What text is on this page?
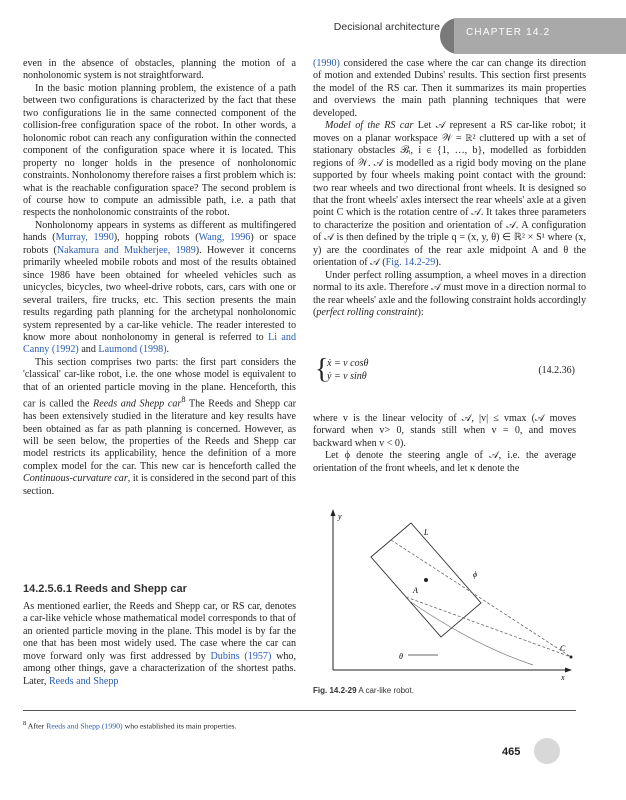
Decisional architecture	CHAPTER 14.2

even in the absence of obstacles, planning the motion of a nonholonomic system is not straightforward.

In the basic motion planning problem, the existence of a path between two configurations is characterized by the fact that these two configurations lie in the same connected component of the collision-free configuration space of the robot. In other words, a holonomic robot can reach any configuration within the connected component of the configuration space where it is located. This property no longer holds in the presence of nonholonomic constraints. Nonholonomy therefore raises a first problem which is: what is the reachable configuration space? The second problem is of course how to compute an admissible path, i.e. a path that respects the nonholonomic constraints of the robot.

Nonholonomy appears in systems as different as multifingered hands (Murray, 1990), hopping robots (Wang, 1996) or space robots (Nakamura and Mukherjee, 1989). However it concerns primarily wheeled mobile robots and most of the results obtained since 1986 have been obtained for wheeled vehicles such as unicycles, bicycles, two wheel-drive robots, cars, cars with one or several trailers, fire trucks, etc. This section presents the main results regarding path planning for the archetypal nonholonomic system represented by a car-like vehicle. The reader interested to know more about nonholonomy in general is referred to Li and Canny (1992) and Laumond (1998).

This section comprises two parts: the first part considers the 'classical' car-like robot, i.e. the one whose model is equivalent to that of an oriented particle moving in the plane. Henceforth, this car is called the Reeds and Shepp car$^8$ The Reeds and Shepp car has been extensively studied in the literature and key results have been obtained as far as path planning is concerned. However, as will be seen below, the properties of the Reeds and Shepp car model restricts its applicability, hence the definition of a more complex model for the car. This new car is henceforth called the Continuous-curvature car, it is considered in the second part of this section.

14.2.5.6.1 Reeds and Shepp car
As mentioned earlier, the Reeds and Shepp car, or RS car, denotes a car-like vehicle whose mathematical model corresponds to that of an oriented particle moving in the plane. This model is by far the one that has been most widely used. The case where the car can move forward only was first addressed by Dubins (1957) who, among other things, gave a characterization of the shortest paths. Later, Reeds and Shepp

(1990) considered the case where the car can change its direction of motion and extended Dubins' results. This section first presents the model of the RS car. Then it summarizes its main properties and overviews the main path planning techniques that were developed.

Model of the RS car Let 𝒜 represent a RS car-like robot; it moves on a planar workspace 𝒲 = ℝ² cluttered up with a set of stationary obstacles ℬᵢ, i ∈ {1, …, b}, modelled as forbidden regions of 𝒲. 𝒜 is modelled as a rigid body moving on the plane supported by four wheels making point contact with the ground: two rear wheels and two directional front wheels. It is designed so that the front wheels' axles intersect the rear wheels' axle at a given point C which is the rotation centre of 𝒜. It takes three parameters to characterize the position and orientation of 𝒜. A configuration of 𝒜 is then defined by the triple q = (x, y, θ) ∈ ℝ² × S¹ where (x, y) are the coordinates of the rear axle midpoint A and θ the orientation of 𝒜 (Fig. 14.2-29).

Under perfect rolling assumption, a wheel moves in a direction normal to its axle. Therefore 𝒜 must move in a direction normal to the rear wheels' axle and the following constraint holds accordingly (perfect rolling constraint):

{
ẋ = v cosθ
ẏ = v sinθ
(14.2.36)

where v is the linear velocity of 𝒜, |v| ≤ vmax (𝒜 moves forward when v> 0, stands still when v = 0, and moves backward when v < 0).

Let ϕ denote the steering angle of 𝒜, i.e. the average orientation of the front wheels, and let κ denote the

y
x
A
C
L
ϕ
θ
Fig. 14.2-29 A car-like robot.
$^8$ After Reeds and Shepp (1990) who established its main properties.
465
